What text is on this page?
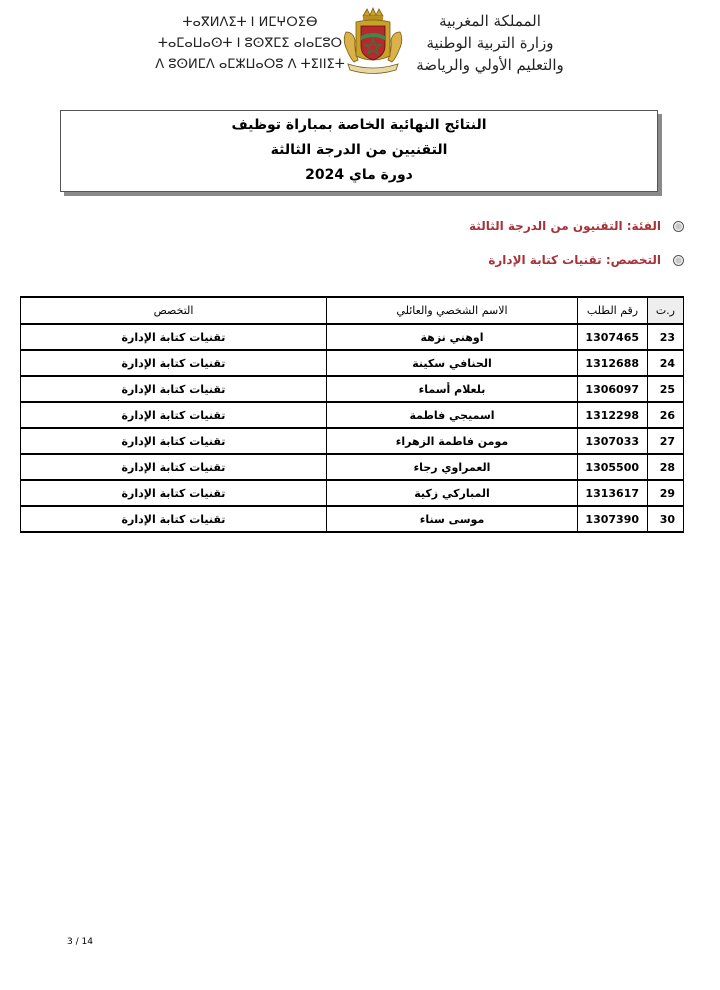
ⵜⴰⴳⵍⴷⵉⵜ ⵏ ⵍⵎⵖⵔⵉⴱ
ⵜⴰⵎⴰⵡⴰⵙⵜ ⵏ ⵓⵙⴳⵎⵉ ⴰⵏⴰⵎⵓⵔ
ⴷ ⵓⵙⵍⵎⴷ ⴰⵎⵣⵡⴰⵔⵓ ⴷ ⵜⵉⵏⵏⵉⵜ
المملكة المغربية
وزارة التربية الوطنية
والتعليم الأولي والرياضة
النتائج النهائية الخاصة بمباراة توظيف
التقنيين من الدرجة الثالثة
دورة ماي 2024
الفئة: التقنيون من الدرجة الثالثة
التخصص: تقنيات كتابة الإدارة
ر.ت	رقم الطلب	الاسم الشخصي والعائلي	التخصص
23	1307465	اوهني نزهة	تقنيات كتابة الإدارة
24	1312688	الحنافي سكينة	تقنيات كتابة الإدارة
25	1306097	بلعلام أسماء	تقنيات كتابة الإدارة
26	1312298	اسميجي فاطمة	تقنيات كتابة الإدارة
27	1307033	مومن فاطمة الزهراء	تقنيات كتابة الإدارة
28	1305500	العمراوي رجاء	تقنيات كتابة الإدارة
29	1313617	المباركي زكية	تقنيات كتابة الإدارة
30	1307390	موسى سناء	تقنيات كتابة الإدارة
3 / 14
